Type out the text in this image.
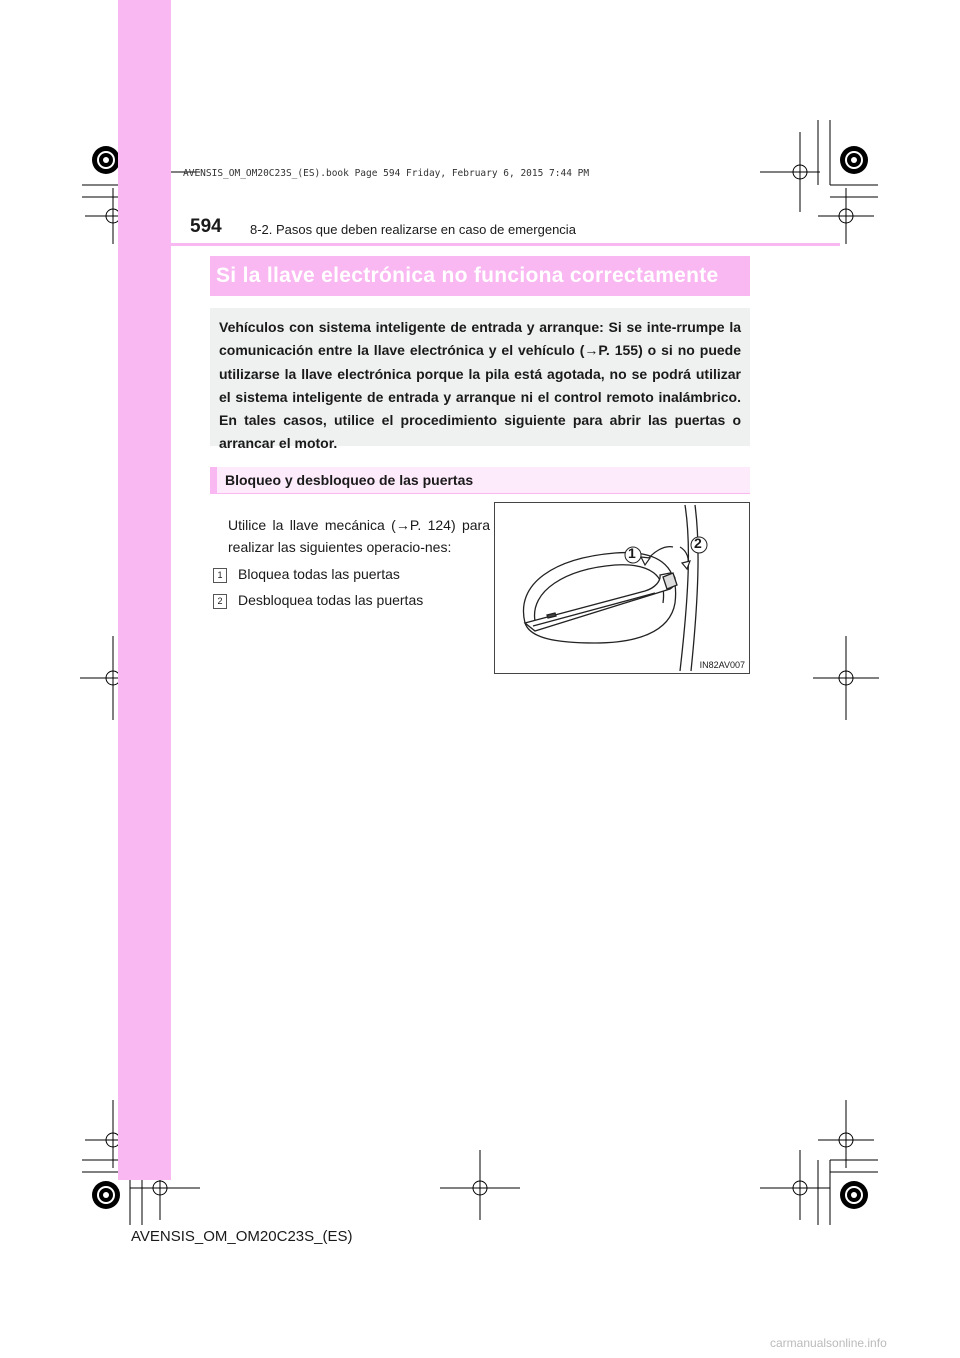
AVENSIS_OM_OM20C23S_(ES).book Page 594 Friday, February 6, 2015 7:44 PM
594 8-2. Pasos que deben realizarse en caso de emergencia
Si la llave electrónica no funciona correctamente
Vehículos con sistema inteligente de entrada y arranque: Si se inte-rrumpe la comunicación entre la llave electrónica y el vehículo (→P. 155) o si no puede utilizarse la llave electrónica porque la pila está agotada, no se podrá utilizar el sistema inteligente de entrada y arranque ni el control remoto inalámbrico. En tales casos, utilice el procedimiento siguiente para abrir las puertas o arrancar el motor.
Bloqueo y desbloqueo de las puertas
Utilice la llave mecánica (→P. 124) para realizar las siguientes operacio-nes:
1 Bloquea todas las puertas
2 Desbloquea todas las puertas
1
2
IN82AV007
AVENSIS_OM_OM20C23S_(ES)
carmanualsonline.info
